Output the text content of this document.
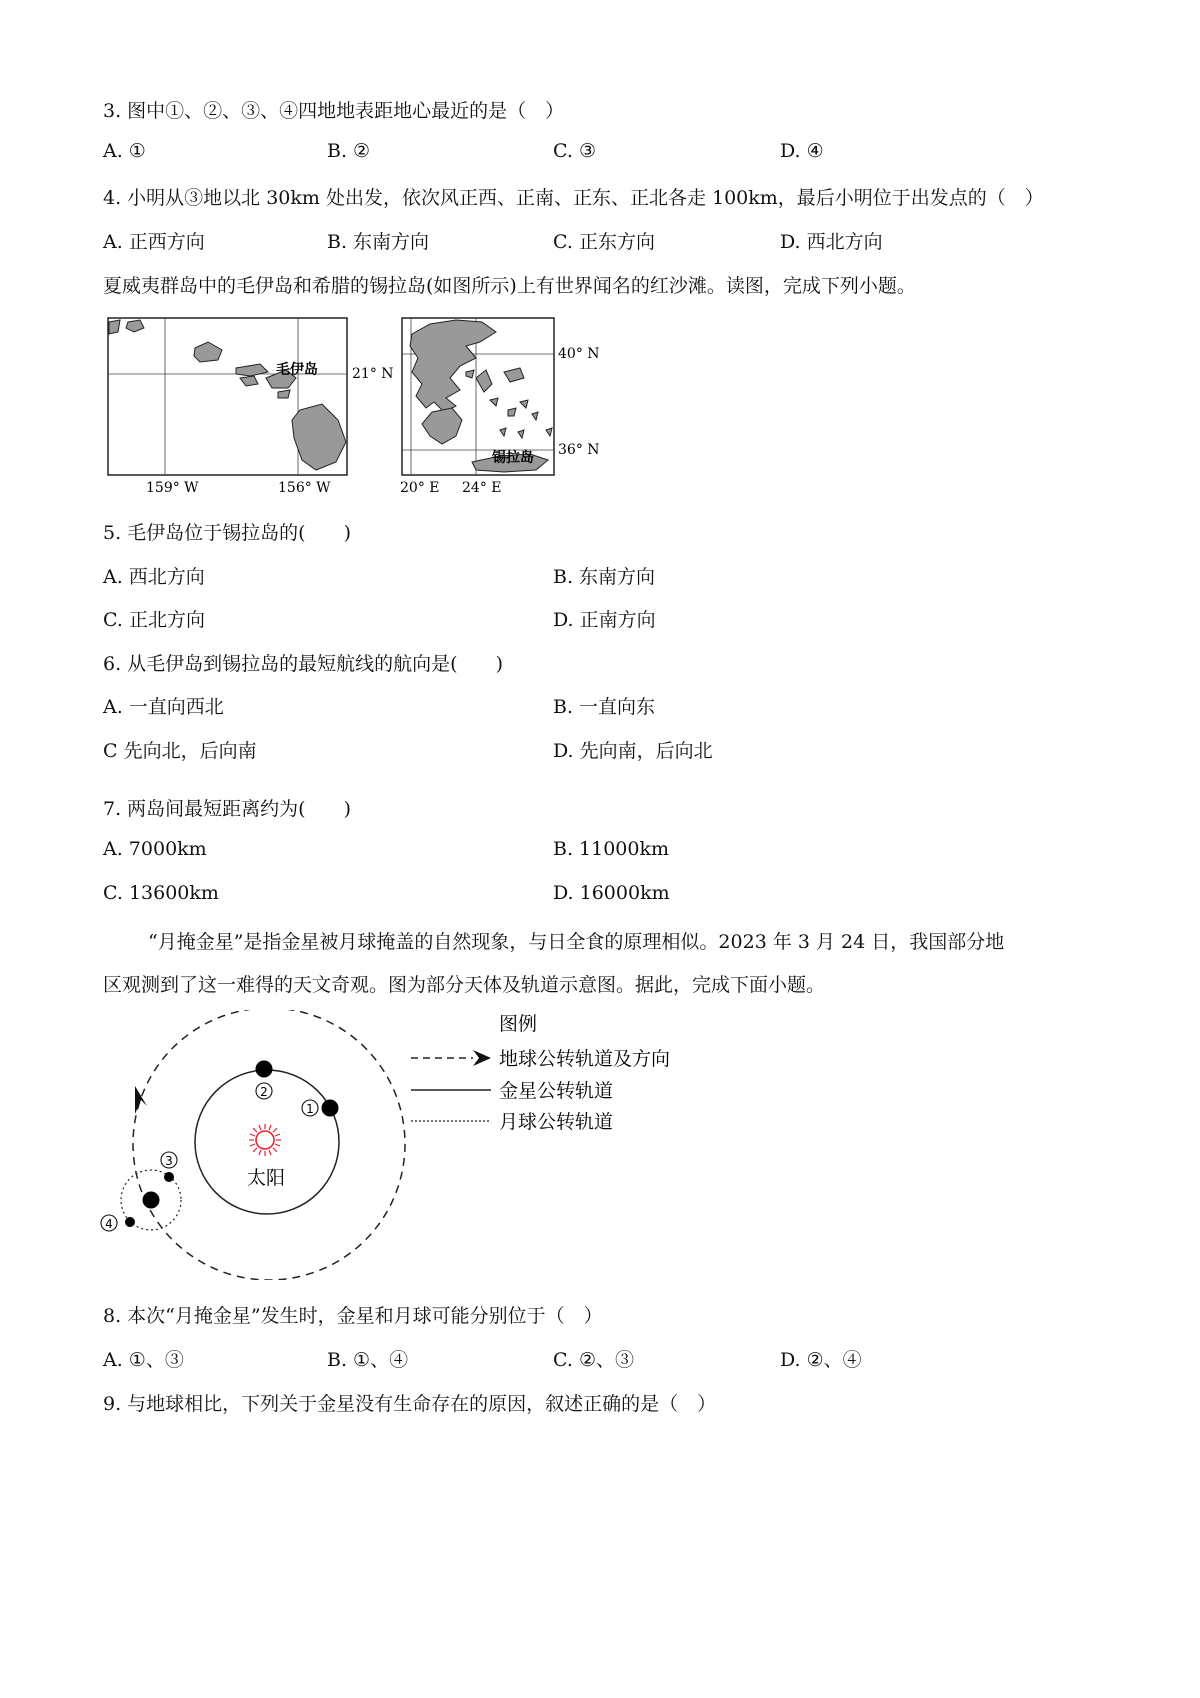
3. 图中①、②、③、④四地地表距地心最近的是（　）
A. ①	B. ②	C. ③	D. ④
4. 小明从③地以北 30km 处出发，依次风正西、正南、正东、正北各走 100km，最后小明位于出发点的（　）
A. 正西方向	B. 东南方向	C. 正东方向	D. 西北方向
夏威夷群岛中的毛伊岛和希腊的锡拉岛(如图所示)上有世界闻名的红沙滩。读图，完成下列小题。
毛伊岛 21° N
159° W	156° W
40° N
36° N
锡拉岛
20° E 24° E
5. 毛伊岛位于锡拉岛的(　　)
A. 西北方向	B. 东南方向
C. 正北方向	D. 正南方向
6. 从毛伊岛到锡拉岛的最短航线的航向是(　　)
A. 一直向西北	B. 一直向东
C 先向北，后向南	D. 先向南，后向北
7. 两岛间最短距离约为(　　)
A. 7000km	B. 11000km
C. 13600km	D. 16000km
“月掩金星”是指金星被月球掩盖的自然现象，与日全食的原理相似。2023 年 3 月 24 日，我国部分地
区观测到了这一难得的天文奇观。图为部分天体及轨道示意图。据此，完成下面小题。
太阳
2
1
3
4
图例
地球公转轨道及方向
金星公转轨道
月球公转轨道
8. 本次“月掩金星”发生时，金星和月球可能分别位于（　）
A. ①、③	B. ①、④	C. ②、③	D. ②、④
9. 与地球相比，下列关于金星没有生命存在的原因，叙述正确的是（　）
